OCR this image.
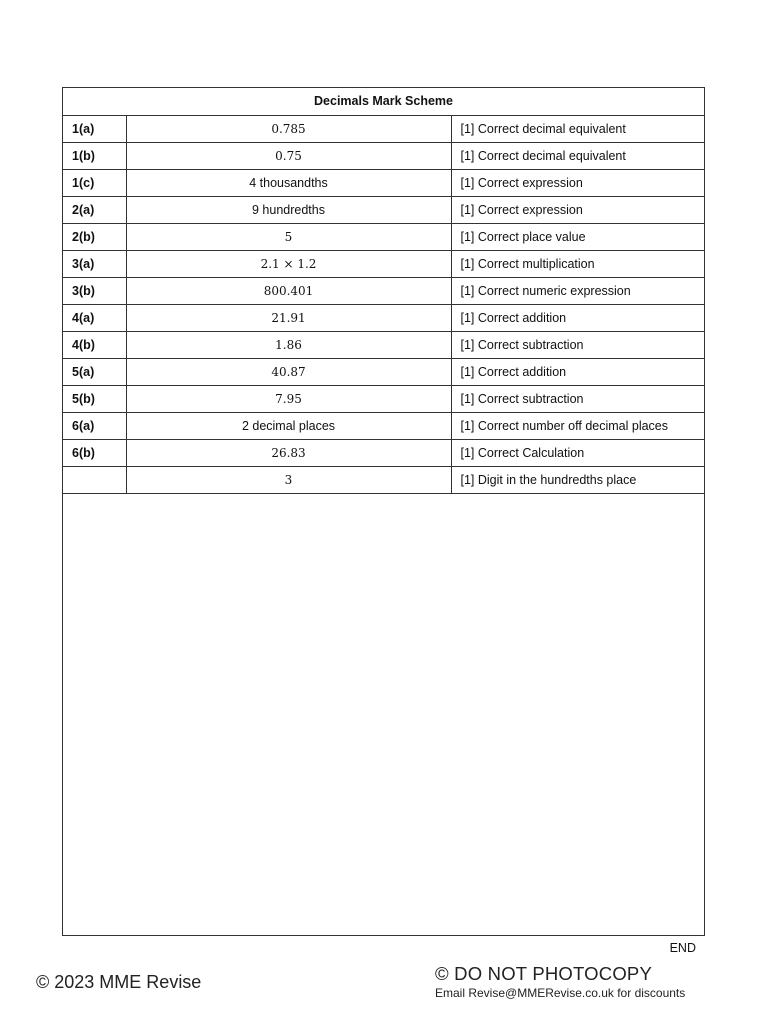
Decimals Mark Scheme		
1(a)	0.785	[1] Correct decimal equivalent
1(b)	0.75	[1] Correct decimal equivalent
1(c)	4 thousandths	[1] Correct expression
2(a)	9 hundredths	[1] Correct expression
2(b)	5	[1] Correct place value
3(a)	2.1 × 1.2	[1] Correct multiplication
3(b)	800.401	[1] Correct numeric expression
4(a)	21.91	[1] Correct addition
4(b)	1.86	[1] Correct subtraction
5(a)	40.87	[1] Correct addition
5(b)	7.95	[1] Correct subtraction
6(a)	2 decimal places	[1] Correct number off decimal places
6(b)	26.83	[1] Correct Calculation
	3	[1] Digit in the hundredths place
END
© 2023 MME Revise	© DO NOT PHOTOCOPY
Email Revise@MMERevise.co.uk for discounts
